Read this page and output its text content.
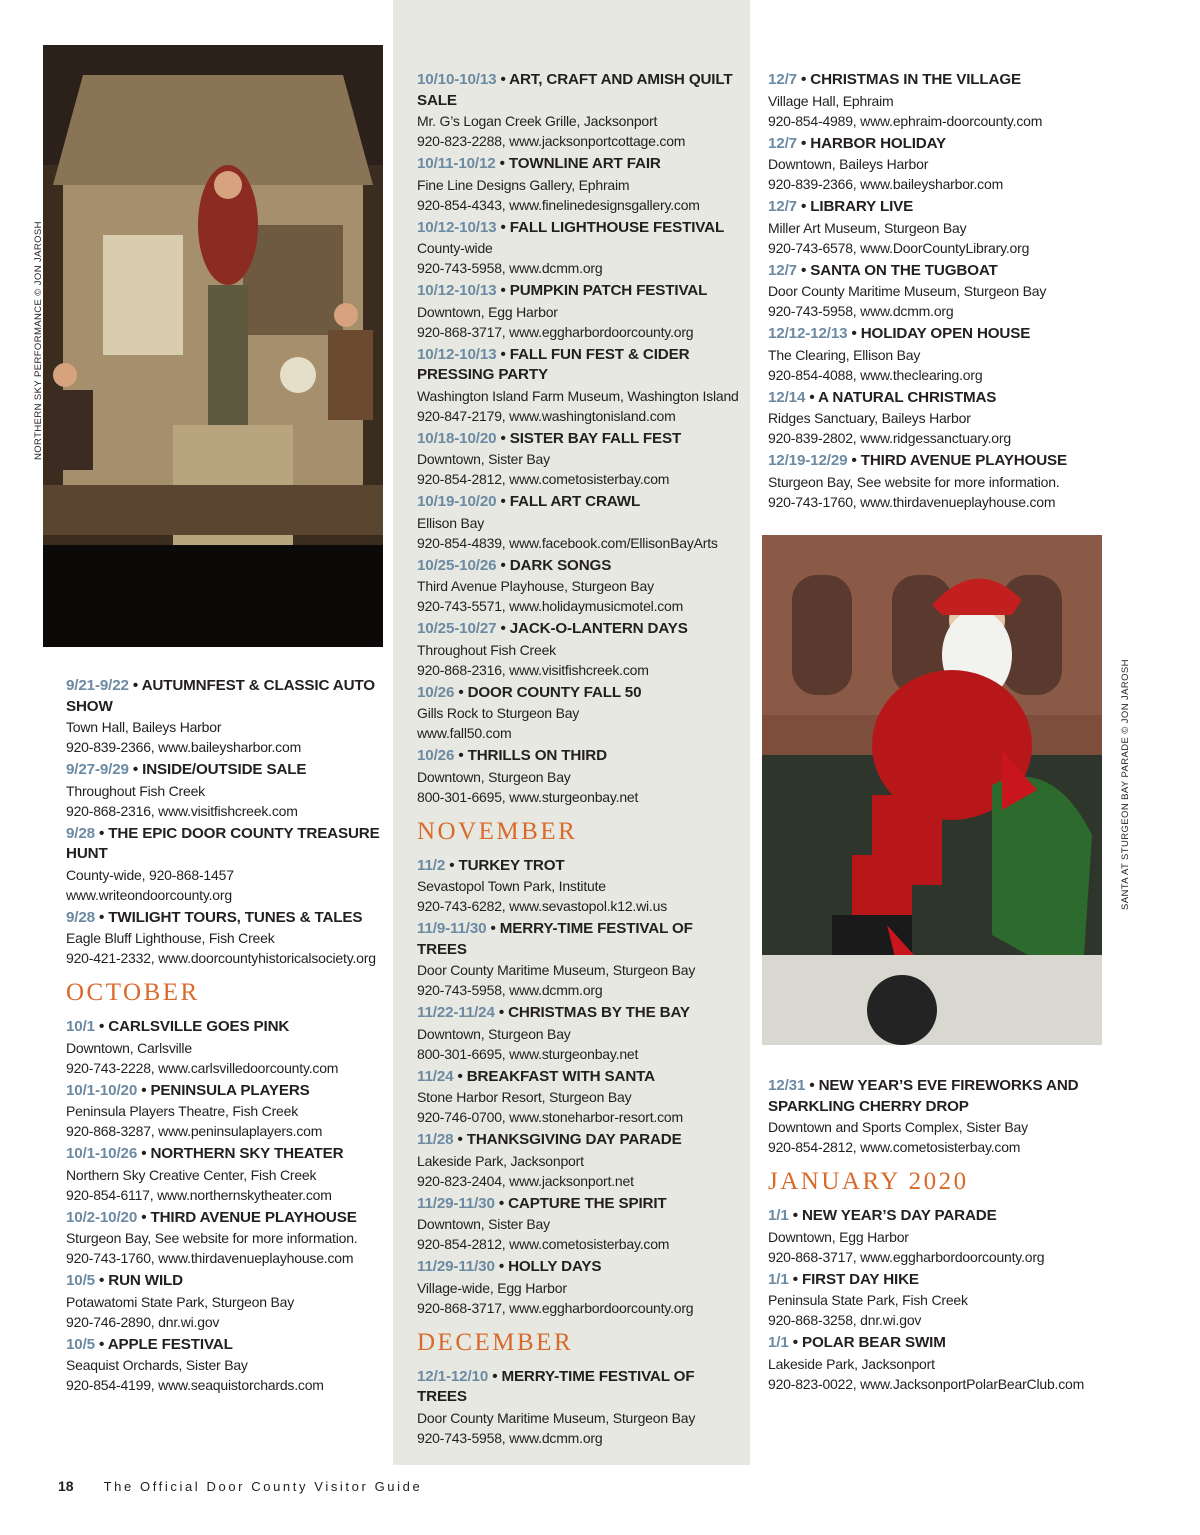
NORTHERN SKY PERFORMANCE © JON JAROSH
SANTA AT STURGEON BAY PARADE © JON JAROSH
9/21-9/22 • AUTUMNFEST & CLASSIC AUTO SHOW
Town Hall, Baileys Harbor
920-839-2366, www.baileysharbor.com
9/27-9/29 • INSIDE/OUTSIDE SALE
Throughout Fish Creek
920-868-2316, www.visitfishcreek.com
9/28 • THE EPIC DOOR COUNTY TREASURE HUNT
County-wide, 920-868-1457
www.writeondoorcounty.org
9/28 • TWILIGHT TOURS, TUNES & TALES
Eagle Bluff Lighthouse, Fish Creek
920-421-2332, www.doorcountyhistoricalsociety.org
OCTOBER
10/1 • CARLSVILLE GOES PINK
Downtown, Carlsville
920-743-2228, www.carlsvilledoorcounty.com
10/1-10/20 • PENINSULA PLAYERS
Peninsula Players Theatre, Fish Creek
920-868-3287, www.peninsulaplayers.com
10/1-10/26 • NORTHERN SKY THEATER
Northern Sky Creative Center, Fish Creek
920-854-6117, www.northernskytheater.com
10/2-10/20 • THIRD AVENUE PLAYHOUSE
Sturgeon Bay, See website for more information.
920-743-1760, www.thirdavenueplayhouse.com
10/5 • RUN WILD
Potawatomi State Park, Sturgeon Bay
920-746-2890, dnr.wi.gov
10/5 • APPLE FESTIVAL
Seaquist Orchards, Sister Bay
920-854-4199, www.seaquistorchards.com
10/10-10/13 • ART, CRAFT AND AMISH QUILT SALE
Mr. G’s Logan Creek Grille, Jacksonport
920-823-2288, www.jacksonportcottage.com
10/11-10/12 • TOWNLINE ART FAIR
Fine Line Designs Gallery, Ephraim
920-854-4343, www.finelinedesignsgallery.com
10/12-10/13 • FALL LIGHTHOUSE FESTIVAL
County-wide
920-743-5958, www.dcmm.org
10/12-10/13 • PUMPKIN PATCH FESTIVAL
Downtown, Egg Harbor
920-868-3717, www.eggharbordoorcounty.org
10/12-10/13 • FALL FUN FEST & CIDER PRESSING PARTY
Washington Island Farm Museum, Washington Island
920-847-2179, www.washingtonisland.com
10/18-10/20 • SISTER BAY FALL FEST
Downtown, Sister Bay
920-854-2812, www.cometosisterbay.com
10/19-10/20 • FALL ART CRAWL
Ellison Bay
920-854-4839, www.facebook.com/EllisonBayArts
10/25-10/26 • DARK SONGS
Third Avenue Playhouse, Sturgeon Bay
920-743-5571, www.holidaymusicmotel.com
10/25-10/27 • JACK-O-LANTERN DAYS
Throughout Fish Creek
920-868-2316, www.visitfishcreek.com
10/26 • DOOR COUNTY FALL 50
Gills Rock to Sturgeon Bay
www.fall50.com
10/26 • THRILLS ON THIRD
Downtown, Sturgeon Bay
800-301-6695, www.sturgeonbay.net
NOVEMBER
11/2 • TURKEY TROT
Sevastopol Town Park, Institute
920-743-6282, www.sevastopol.k12.wi.us
11/9-11/30 • MERRY-TIME FESTIVAL OF TREES
Door County Maritime Museum, Sturgeon Bay
920-743-5958, www.dcmm.org
11/22-11/24 • CHRISTMAS BY THE BAY
Downtown, Sturgeon Bay
800-301-6695, www.sturgeonbay.net
11/24 • BREAKFAST WITH SANTA
Stone Harbor Resort, Sturgeon Bay
920-746-0700, www.stoneharbor-resort.com
11/28 • THANKSGIVING DAY PARADE
Lakeside Park, Jacksonport
920-823-2404, www.jacksonport.net
11/29-11/30 • CAPTURE THE SPIRIT
Downtown, Sister Bay
920-854-2812, www.cometosisterbay.com
11/29-11/30 • HOLLY DAYS
Village-wide, Egg Harbor
920-868-3717, www.eggharbordoorcounty.org
DECEMBER
12/1-12/10 • MERRY-TIME FESTIVAL OF TREES
Door County Maritime Museum, Sturgeon Bay
920-743-5958, www.dcmm.org
12/7 • CHRISTMAS IN THE VILLAGE
Village Hall, Ephraim
920-854-4989, www.ephraim-doorcounty.com
12/7 • HARBOR HOLIDAY
Downtown, Baileys Harbor
920-839-2366, www.baileysharbor.com
12/7 • LIBRARY LIVE
Miller Art Museum, Sturgeon Bay
920-743-6578, www.DoorCountyLibrary.org
12/7 • SANTA ON THE TUGBOAT
Door County Maritime Museum, Sturgeon Bay
920-743-5958, www.dcmm.org
12/12-12/13 • HOLIDAY OPEN HOUSE
The Clearing, Ellison Bay
920-854-4088, www.theclearing.org
12/14 • A NATURAL CHRISTMAS
Ridges Sanctuary, Baileys Harbor
920-839-2802, www.ridgessanctuary.org
12/19-12/29 • THIRD AVENUE PLAYHOUSE
Sturgeon Bay, See website for more information.
920-743-1760, www.thirdavenueplayhouse.com
12/31 • NEW YEAR’S EVE FIREWORKS AND SPARKLING CHERRY DROP
Downtown and Sports Complex, Sister Bay
920-854-2812, www.cometosisterbay.com
JANUARY 2020
1/1 • NEW YEAR’S DAY PARADE
Downtown, Egg Harbor
920-868-3717, www.eggharbordoorcounty.org
1/1 • FIRST DAY HIKE
Peninsula State Park, Fish Creek
920-868-3258, dnr.wi.gov
1/1 • POLAR BEAR SWIM
Lakeside Park, Jacksonport
920-823-0022, www.JacksonportPolarBearClub.com
18 The Official Door County Visitor Guide
